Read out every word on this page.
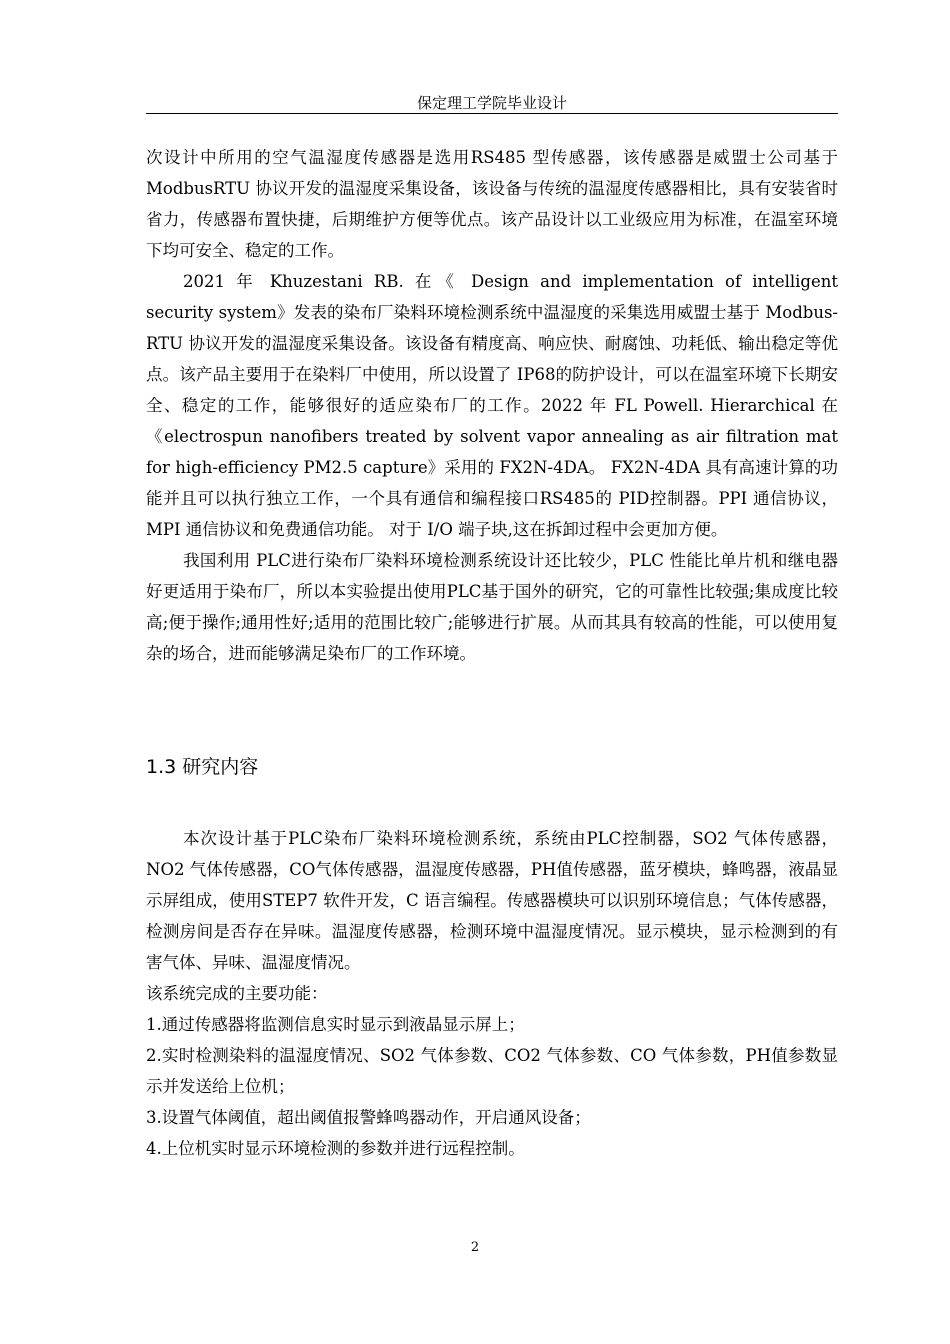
保定理工学院毕业设计

次设计中所用的空气温湿度传感器是选用RS485 型传感器，该传感器是威盟士公司基于 ModbusRTU 协议开发的温湿度采集设备，该设备与传统的温湿度传感器相比，具有安装省时省力，传感器布置快捷，后期维护方便等优点。该产品设计以工业级应用为标准，在温室环境下均可安全、稳定的工作。

2021 年 Khuzestani RB. 在《 Design and implementation of intelligent security system》发表的染布厂染料环境检测系统中温湿度的采集选用威盟士基于 Modbus-RTU 协议开发的温湿度采集设备。该设备有精度高、响应快、耐腐蚀、功耗低、输出稳定等优点。该产品主要用于在染料厂中使用，所以设置了 IP68的防护设计，可以在温室环境下长期安全、稳定的工作，能够很好的适应染布厂的工作。2022 年 FL Powell. Hierarchical 在《electrospun nanofibers treated by solvent vapor annealing as air filtration mat for high-efficiency PM2.5 capture》采用的 FX2N-4DA。 FX2N-4DA 具有高速计算的功能并且可以执行独立工作，一个具有通信和编程接口RS485的 PID控制器。PPI 通信协议，MPI 通信协议和免费通信功能。 对于 I/O 端子块,这在拆卸过程中会更加方便。

我国利用 PLC进行染布厂染料环境检测系统设计还比较少，PLC 性能比单片机和继电器好更适用于染布厂，所以本实验提出使用PLC基于国外的研究，它的可靠性比较强;集成度比较高;便于操作;通用性好;适用的范围比较广;能够进行扩展。从而其具有较高的性能，可以使用复杂的场合，进而能够满足染布厂的工作环境。

1.3 研究内容

本次设计基于PLC染布厂染料环境检测系统，系统由PLC控制器，SO2 气体传感器，NO2 气体传感器，CO气体传感器，温湿度传感器，PH值传感器，蓝牙模块，蜂鸣器，液晶显示屏组成，使用STEP7 软件开发，C 语言编程。传感器模块可以识别环境信息；气体传感器，检测房间是否存在异味。温湿度传感器，检测环境中温湿度情况。显示模块，显示检测到的有害气体、异味、温湿度情况。

该系统完成的主要功能：

1.通过传感器将监测信息实时显示到液晶显示屏上；

2.实时检测染料的温湿度情况、SO2 气体参数、CO2 气体参数、CO 气体参数，PH值参数显示并发送给上位机；

3.设置气体阈值，超出阈值报警蜂鸣器动作，开启通风设备；

4.上位机实时显示环境检测的参数并进行远程控制。

2
